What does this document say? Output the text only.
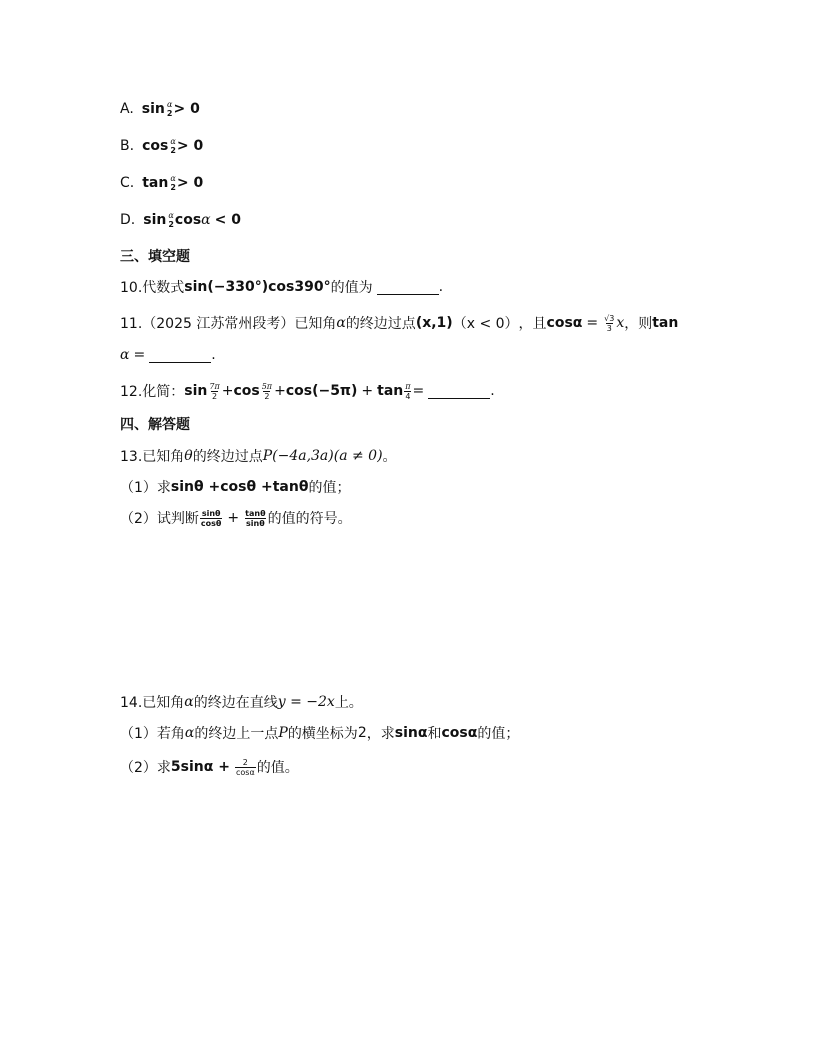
A. sin α
2 > 0
B. cos α
2 > 0
C. tan α
2 > 0
D. sin α
2 cos α < 0
三、填空题
10.代数式 sin(−330°)cos390° 的值为	.
11.（2025 江苏常州段考）已知角 α 的终边过点 (x,1) （x < 0） ，且 $\cos\alpha = \frac{√3}{3}$ x ，则 tan
α =	.
12.化简： $\sin \frac{7\pi}{2} + \cos \frac{5\pi}{2} + \cos(-5\pi) + \tan \frac{\pi}{4}$ =	.
四、解答题
13.已知角 θ 的终边过点 P(−4a,3a)(a ≠ 0) 。
（1）求 sinθ +cosθ +tanθ 的值；
（2）试判断 $\frac{\sin\theta}{\cos\theta} + \frac{\tan\theta}{\sin\theta}$ 的值的符号。
14.已知角 α 的终边在直线 y = −2x 上。
（1）若角 α 的终边上一点 P 的横坐标为 2 ，求 sinα 和 cosα 的值；
（2）求 $5\sin\alpha + \frac{2}{\cos\alpha}$ 的值。
